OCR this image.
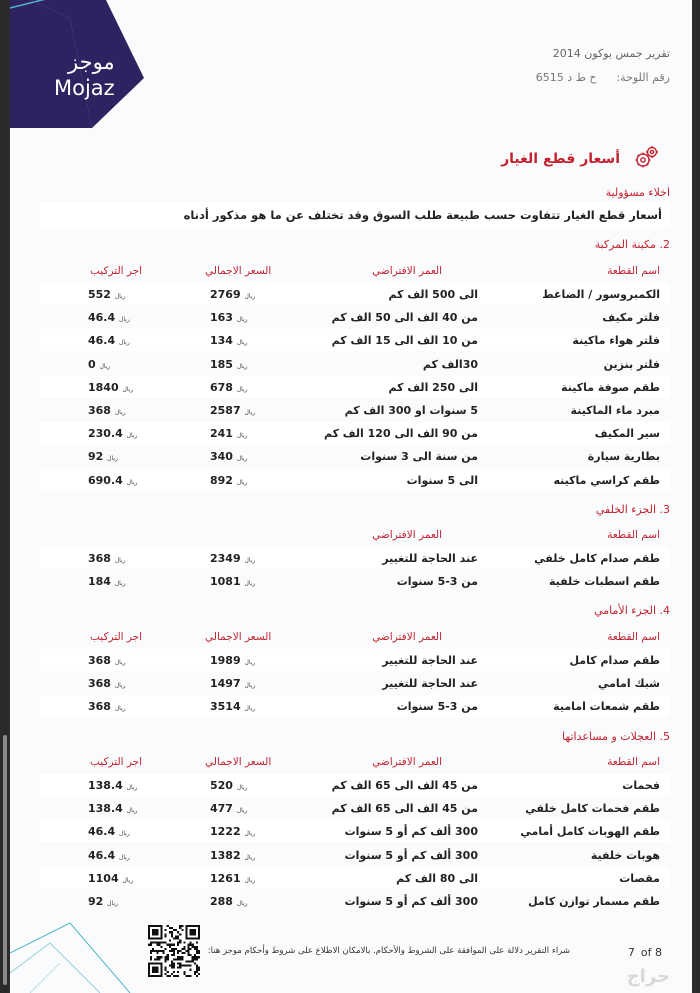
موجز
Mojaz
تقرير جمس يوكون 2014
رقم اللوحة:
ح ط د 6515
أسعار قطع الغيار
اخلاء مسؤولية
أسعار قطع الغيار تتفاوت حسب طبيعة طلب السوق وقد تختلف عن ما هو مذكور أدناه
2. مكينة المركبة
اسم القطعة
العمر الافتراضي
السعر الاجمالي
اجر التركيب
الكمبروسور / الضاغط
الى 500 الف كم
ريال 2769
ريال 552
فلتر مكيف
من 40 الف الى 50 الف كم
ريال 163
ريال 46.4
فلتر هواء ماكينة
من 10 الف الى 15 الف كم
ريال 134
ريال 46.4
فلتر بنزين
30الف كم
ريال 185
ريال 0
طقم صوفة ماكينة
الى 250 الف كم
ريال 678
ريال 1840
مبرد ماء الماكينة
5 سنوات او 300 الف كم
ريال 2587
ريال 368
سير المكيف
من 90 الف الى 120 الف كم
ريال 241
ريال 230.4
بطارية سيارة
من سنة الى 3 سنوات
ريال 340
ريال 92
طقم كراسي ماكينه
الى 5 سنوات
ريال 892
ريال 690.4
3. الجزء الخلفي
اسم القطعة
العمر الافتراضي
طقم صدام كامل خلفي
عند الحاجة للتغيير
ريال 2349
ريال 368
طقم اسطبات خلفية
من 3-5 سنوات
ريال 1081
ريال 184
4. الجزء الأمامي
اسم القطعة
العمر الافتراضي
السعر الاجمالي
اجر التركيب
طقم صدام كامل
عند الحاجة للتغيير
ريال 1989
ريال 368
شبك امامي
عند الحاجة للتغيير
ريال 1497
ريال 368
طقم شمعات امامية
من 3-5 سنوات
ريال 3514
ريال 368
5. العجلات و مساعداتها
اسم القطعة
العمر الافتراضي
السعر الاجمالي
اجر التركيب
فحمات
من 45 الف الى 65 الف كم
ريال 520
ريال 138.4
طقم فحمات كامل خلفي
من 45 الف الى 65 الف كم
ريال 477
ريال 138.4
طقم الهوبات كامل أمامي
300 ألف كم أو 5 سنوات
ريال 1222
ريال 46.4
هوبات خلفية
300 ألف كم أو 5 سنوات
ريال 1382
ريال 46.4
مقصات
الى 80 الف كم
ريال 1261
ريال 1104
طقم مسمار توازن كامل
300 ألف كم أو 5 سنوات
ريال 288
ريال 92
شراء التقرير دلالة على الموافقة على الشروط والأحكام. بالامكان الاطلاع على شروط وأحكام موجز هنا:	7 of 8
حراج
